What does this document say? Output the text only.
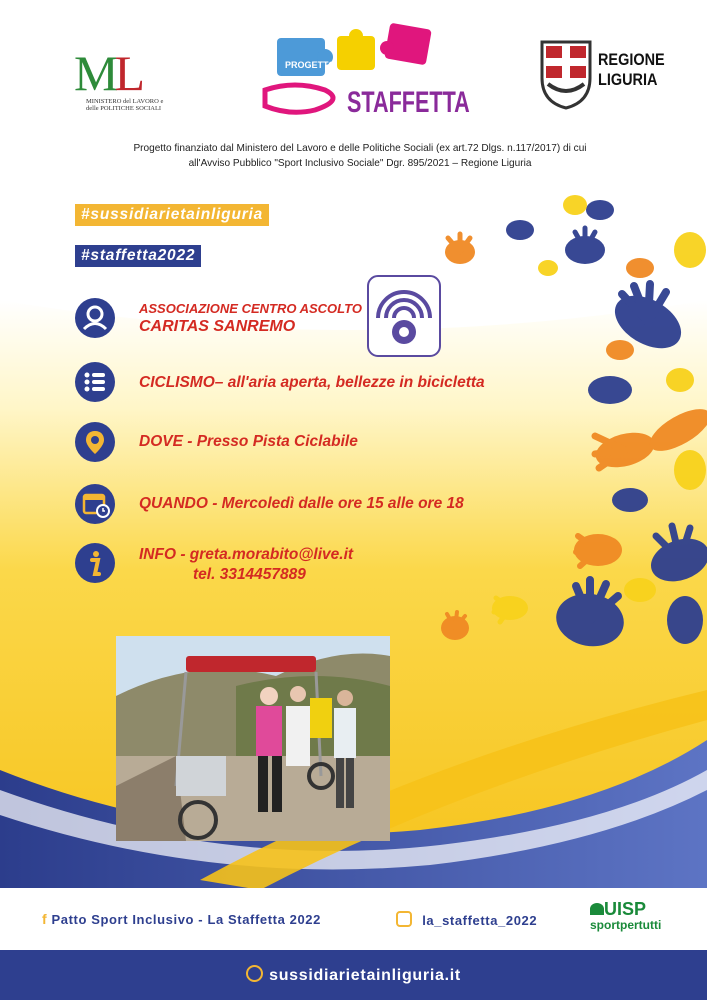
ML
MINISTERO del LAVORO e delle POLITICHE SOCIALI
PROGETTO
STAFFETTA
REGIONE
LIGURIA
Progetto finanziato dal Ministero del Lavoro e delle Politiche Sociali (ex art.72 Dlgs. n.117/2017) di cui
all'Avviso Pubblico "Sport Inclusivo Sociale" Dgr. 895/2021 – Regione Liguria
#sussidiarietainliguria
#staffetta2022
ASSOCIAZIONE CENTRO ASCOLTO
CARITAS SANREMO
CICLISMO– all'aria aperta, bellezze in bicicletta
DOVE - Presso Pista Ciclabile
QUANDO - Mercoledì dalle ore 15 alle ore 18
INFO - greta.morabito@live.it
tel. 3314457889
f Patto Sport Inclusivo - La Staffetta 2022	la_staffetta_2022
UISP
sportpertutti
sussidiarietainliguria.it
